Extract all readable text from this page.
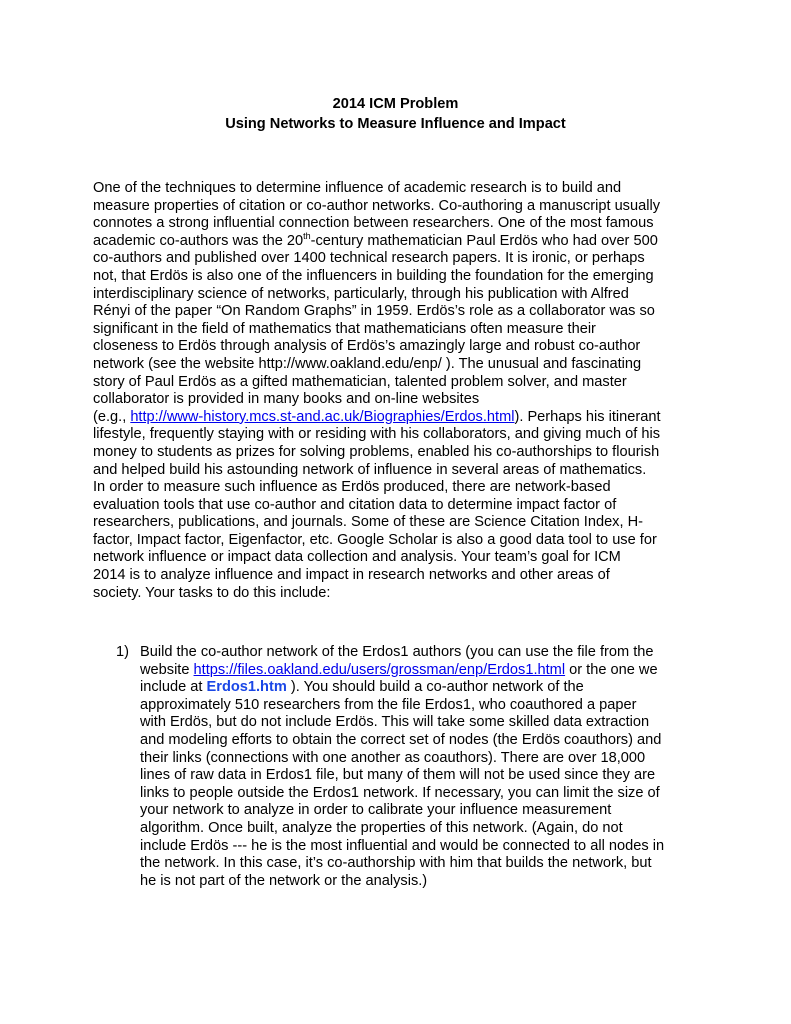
2014 ICM Problem
Using Networks to Measure Influence and Impact
One of the techniques to determine influence of academic research is to build and
measure properties of citation or co-author networks. Co-authoring a manuscript usually
connotes a strong influential connection between researchers. One of the most famous
academic co-authors was the 20th-century mathematician Paul Erdös who had over 500
co-authors and published over 1400 technical research papers. It is ironic, or perhaps
not, that Erdös is also one of the influencers in building the foundation for the emerging
interdisciplinary science of networks, particularly, through his publication with Alfred
Rényi of the paper “On Random Graphs” in 1959. Erdös’s role as a collaborator was so
significant in the field of mathematics that mathematicians often measure their
closeness to Erdös through analysis of Erdös’s amazingly large and robust co-author
network (see the website http://www.oakland.edu/enp/ ). The unusual and fascinating
story of Paul Erdös as a gifted mathematician, talented problem solver, and master
collaborator is provided in many books and on-line websites
(e.g., http://www-history.mcs.st-and.ac.uk/Biographies/Erdos.html). Perhaps his itinerant
lifestyle, frequently staying with or residing with his collaborators, and giving much of his
money to students as prizes for solving problems, enabled his co-authorships to flourish
and helped build his astounding network of influence in several areas of mathematics.
In order to measure such influence as Erdös produced, there are network-based
evaluation tools that use co-author and citation data to determine impact factor of
researchers, publications, and journals. Some of these are Science Citation Index, H-
factor, Impact factor, Eigenfactor, etc. Google Scholar is also a good data tool to use for
network influence or impact data collection and analysis. Your team’s goal for ICM
2014 is to analyze influence and impact in research networks and other areas of
society. Your tasks to do this include:
1) Build the co-author network of the Erdos1 authors (you can use the file from the
website https://files.oakland.edu/users/grossman/enp/Erdos1.html or the one we
include at Erdos1.htm ). You should build a co-author network of the
approximately 510 researchers from the file Erdos1, who coauthored a paper
with Erdös, but do not include Erdös. This will take some skilled data extraction
and modeling efforts to obtain the correct set of nodes (the Erdös coauthors) and
their links (connections with one another as coauthors). There are over 18,000
lines of raw data in Erdos1 file, but many of them will not be used since they are
links to people outside the Erdos1 network. If necessary, you can limit the size of
your network to analyze in order to calibrate your influence measurement
algorithm. Once built, analyze the properties of this network. (Again, do not
include Erdös --- he is the most influential and would be connected to all nodes in
the network. In this case, it’s co-authorship with him that builds the network, but
he is not part of the network or the analysis.)
